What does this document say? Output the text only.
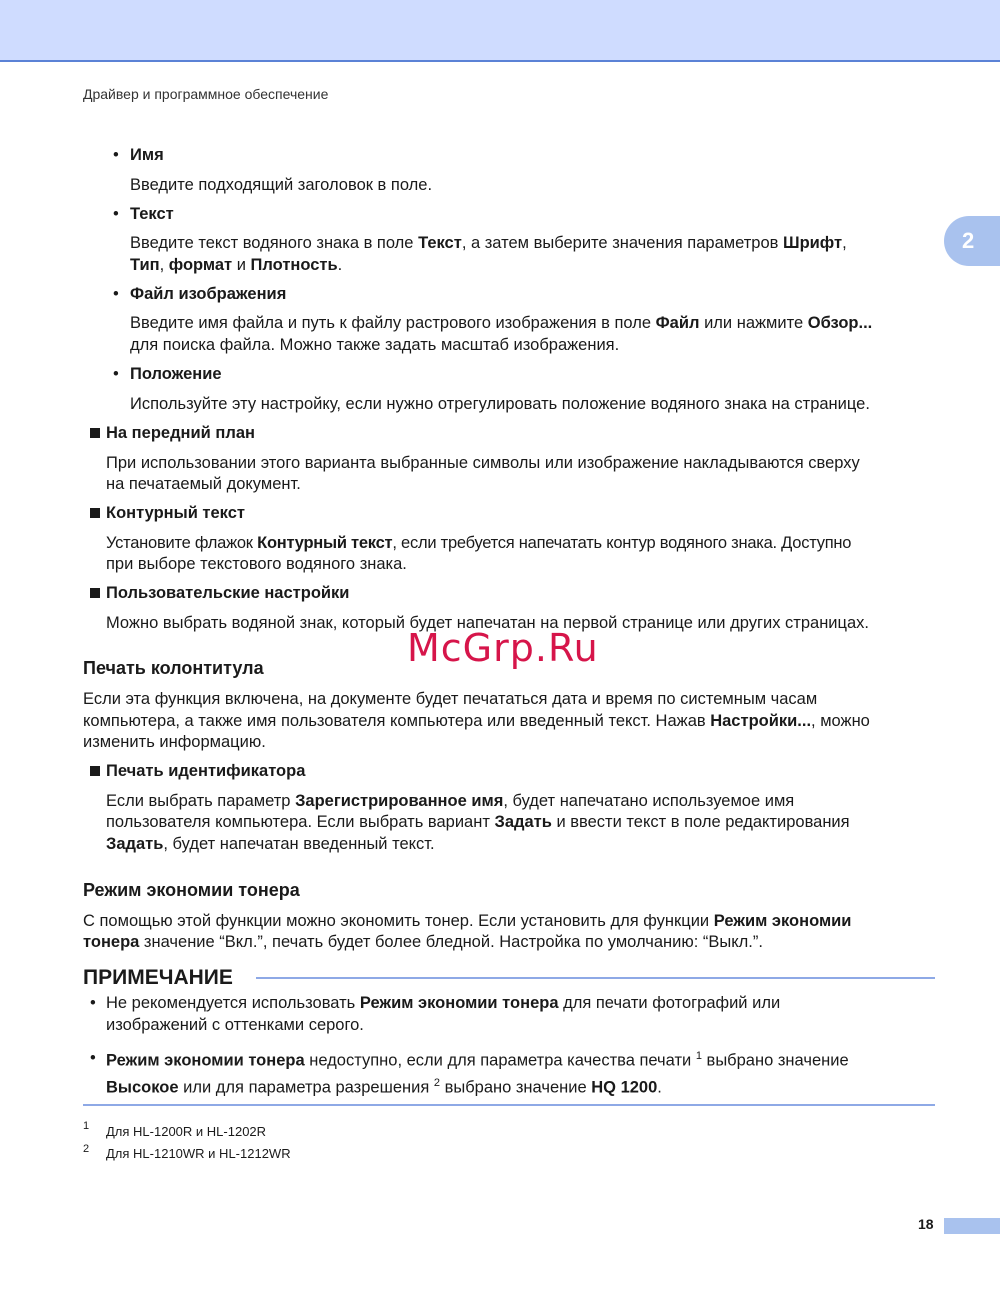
Драйвер и программное обеспечение
2
• Имя
Введите подходящий заголовок в поле.
• Текст
Введите текст водяного знака в поле Текст, а затем выберите значения параметров Шрифт,
Тип, формат и Плотность.
• Файл изображения
Введите имя файла и путь к файлу растрового изображения в поле Файл или нажмите Обзор...
для поиска файла. Можно также задать масштаб изображения.
• Положение
Используйте эту настройку, если нужно отрегулировать положение водяного знака на странице.
На передний план
При использовании этого варианта выбранные символы или изображение накладываются сверху
на печатаемый документ.
Контурный текст
Установите флажок Контурный текст, если требуется напечатать контур водяного знака. Доступно
при выборе текстового водяного знака.
Пользовательские настройки
Можно выбрать водяной знак, который будет напечатан на первой странице или других страницах.
McGrp.Ru
Печать колонтитула
Если эта функция включена, на документе будет печататься дата и время по системным часам
компьютера, а также имя пользователя компьютера или введенный текст. Нажав Настройки..., можно
изменить информацию.
Печать идентификатора
Если выбрать параметр Зарегистрированное имя, будет напечатано используемое имя
пользователя компьютера. Если выбрать вариант Задать и ввести текст в поле редактирования
Задать, будет напечатан введенный текст.
Режим экономии тонера
С помощью этой функции можно экономить тонер. Если установить для функции Режим экономии
тонера значение “Вкл.”, печать будет более бледной. Настройка по умолчанию: “Выкл.”.
ПРИМЕЧАНИЕ
• Не рекомендуется использовать Режим экономии тонера для печати фотографий или
изображений с оттенками серого.
• Режим экономии тонера недоступно, если для параметра качества печати $^1$ выбрано значение
Высокое или для параметра разрешения $^2$ выбрано значение HQ 1200.
1 Для HL-1200R и HL-1202R
2 Для HL-1210WR и HL-1212WR
18
